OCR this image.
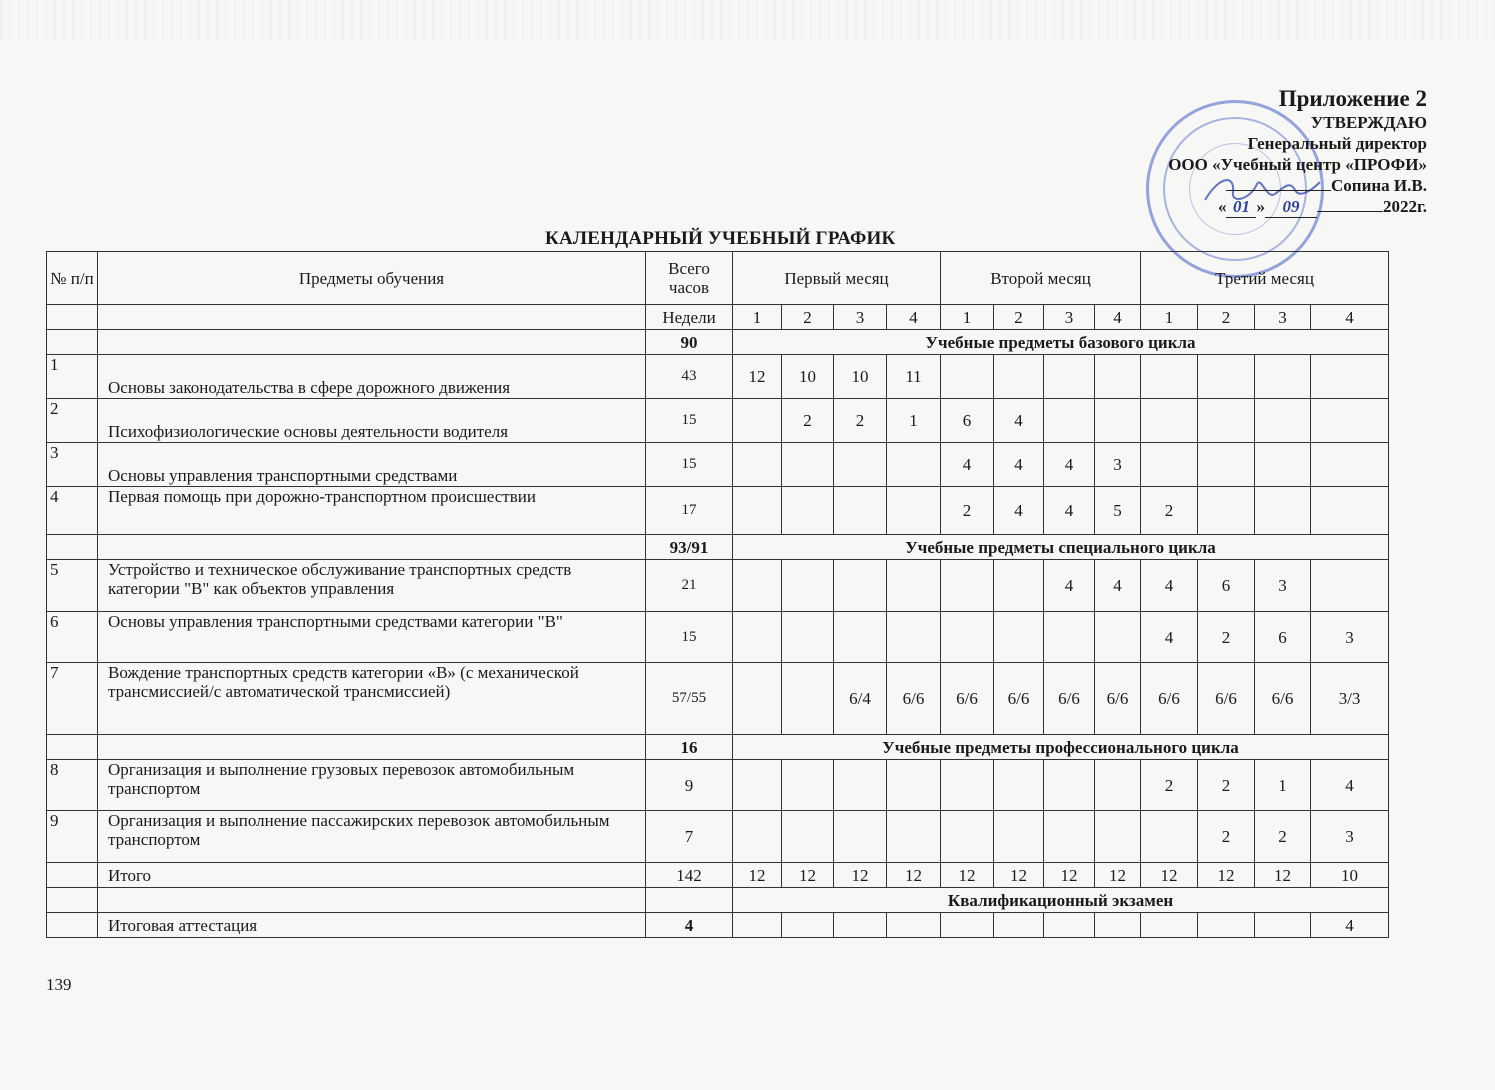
Приложение 2
УТВЕРЖДАЮ
Генеральный директор
ООО «Учебный центр «ПРОФИ»
Сопина И.В.
« 01 » 09	2022г.
КАЛЕНДАРНЫЙ УЧЕБНЫЙ ГРАФИК
№ п/п	Предметы обучения	Всего часов	Первый месяц				Второй месяц				Третий месяц			
		Недели	1	2	3	4	1	2	3	4	1	2	3	4
		90	Учебные предметы базового цикла											
1	Основы законодательства в сфере дорожного движения	43	12	10	10	11								
2	Психофизиологические основы деятельности водителя	15		2	2	1	6	4						
3	Основы управления транспортными средствами	15					4	4	4	3				
4	Первая помощь при дорожно-транспортном происшествии	17					2	4	4	5	2			
		93/91	Учебные предметы специального цикла											
5	Устройство и техническое обслуживание транспортных средств категории "В" как объектов управления	21							4	4	4	6	3	
6	Основы управления транспортными средствами категории "В"	15									4	2	6	3
7	Вождение транспортных средств категории «В» (с механической трансмиссией/с автоматической трансмиссией)	57/55			6/4	6/6	6/6	6/6	6/6	6/6	6/6	6/6	6/6	3/3
		16	Учебные предметы профессионального цикла											
8	Организация и выполнение грузовых перевозок автомобильным транспортом	9									2	2	1	4
9	Организация и выполнение пассажирских перевозок автомобильным транспортом	7										2	2	3
	Итого	142	12	12	12	12	12	12	12	12	12	12	12	10
			Квалификационный экзамен											
	Итоговая аттестация	4												4
139
